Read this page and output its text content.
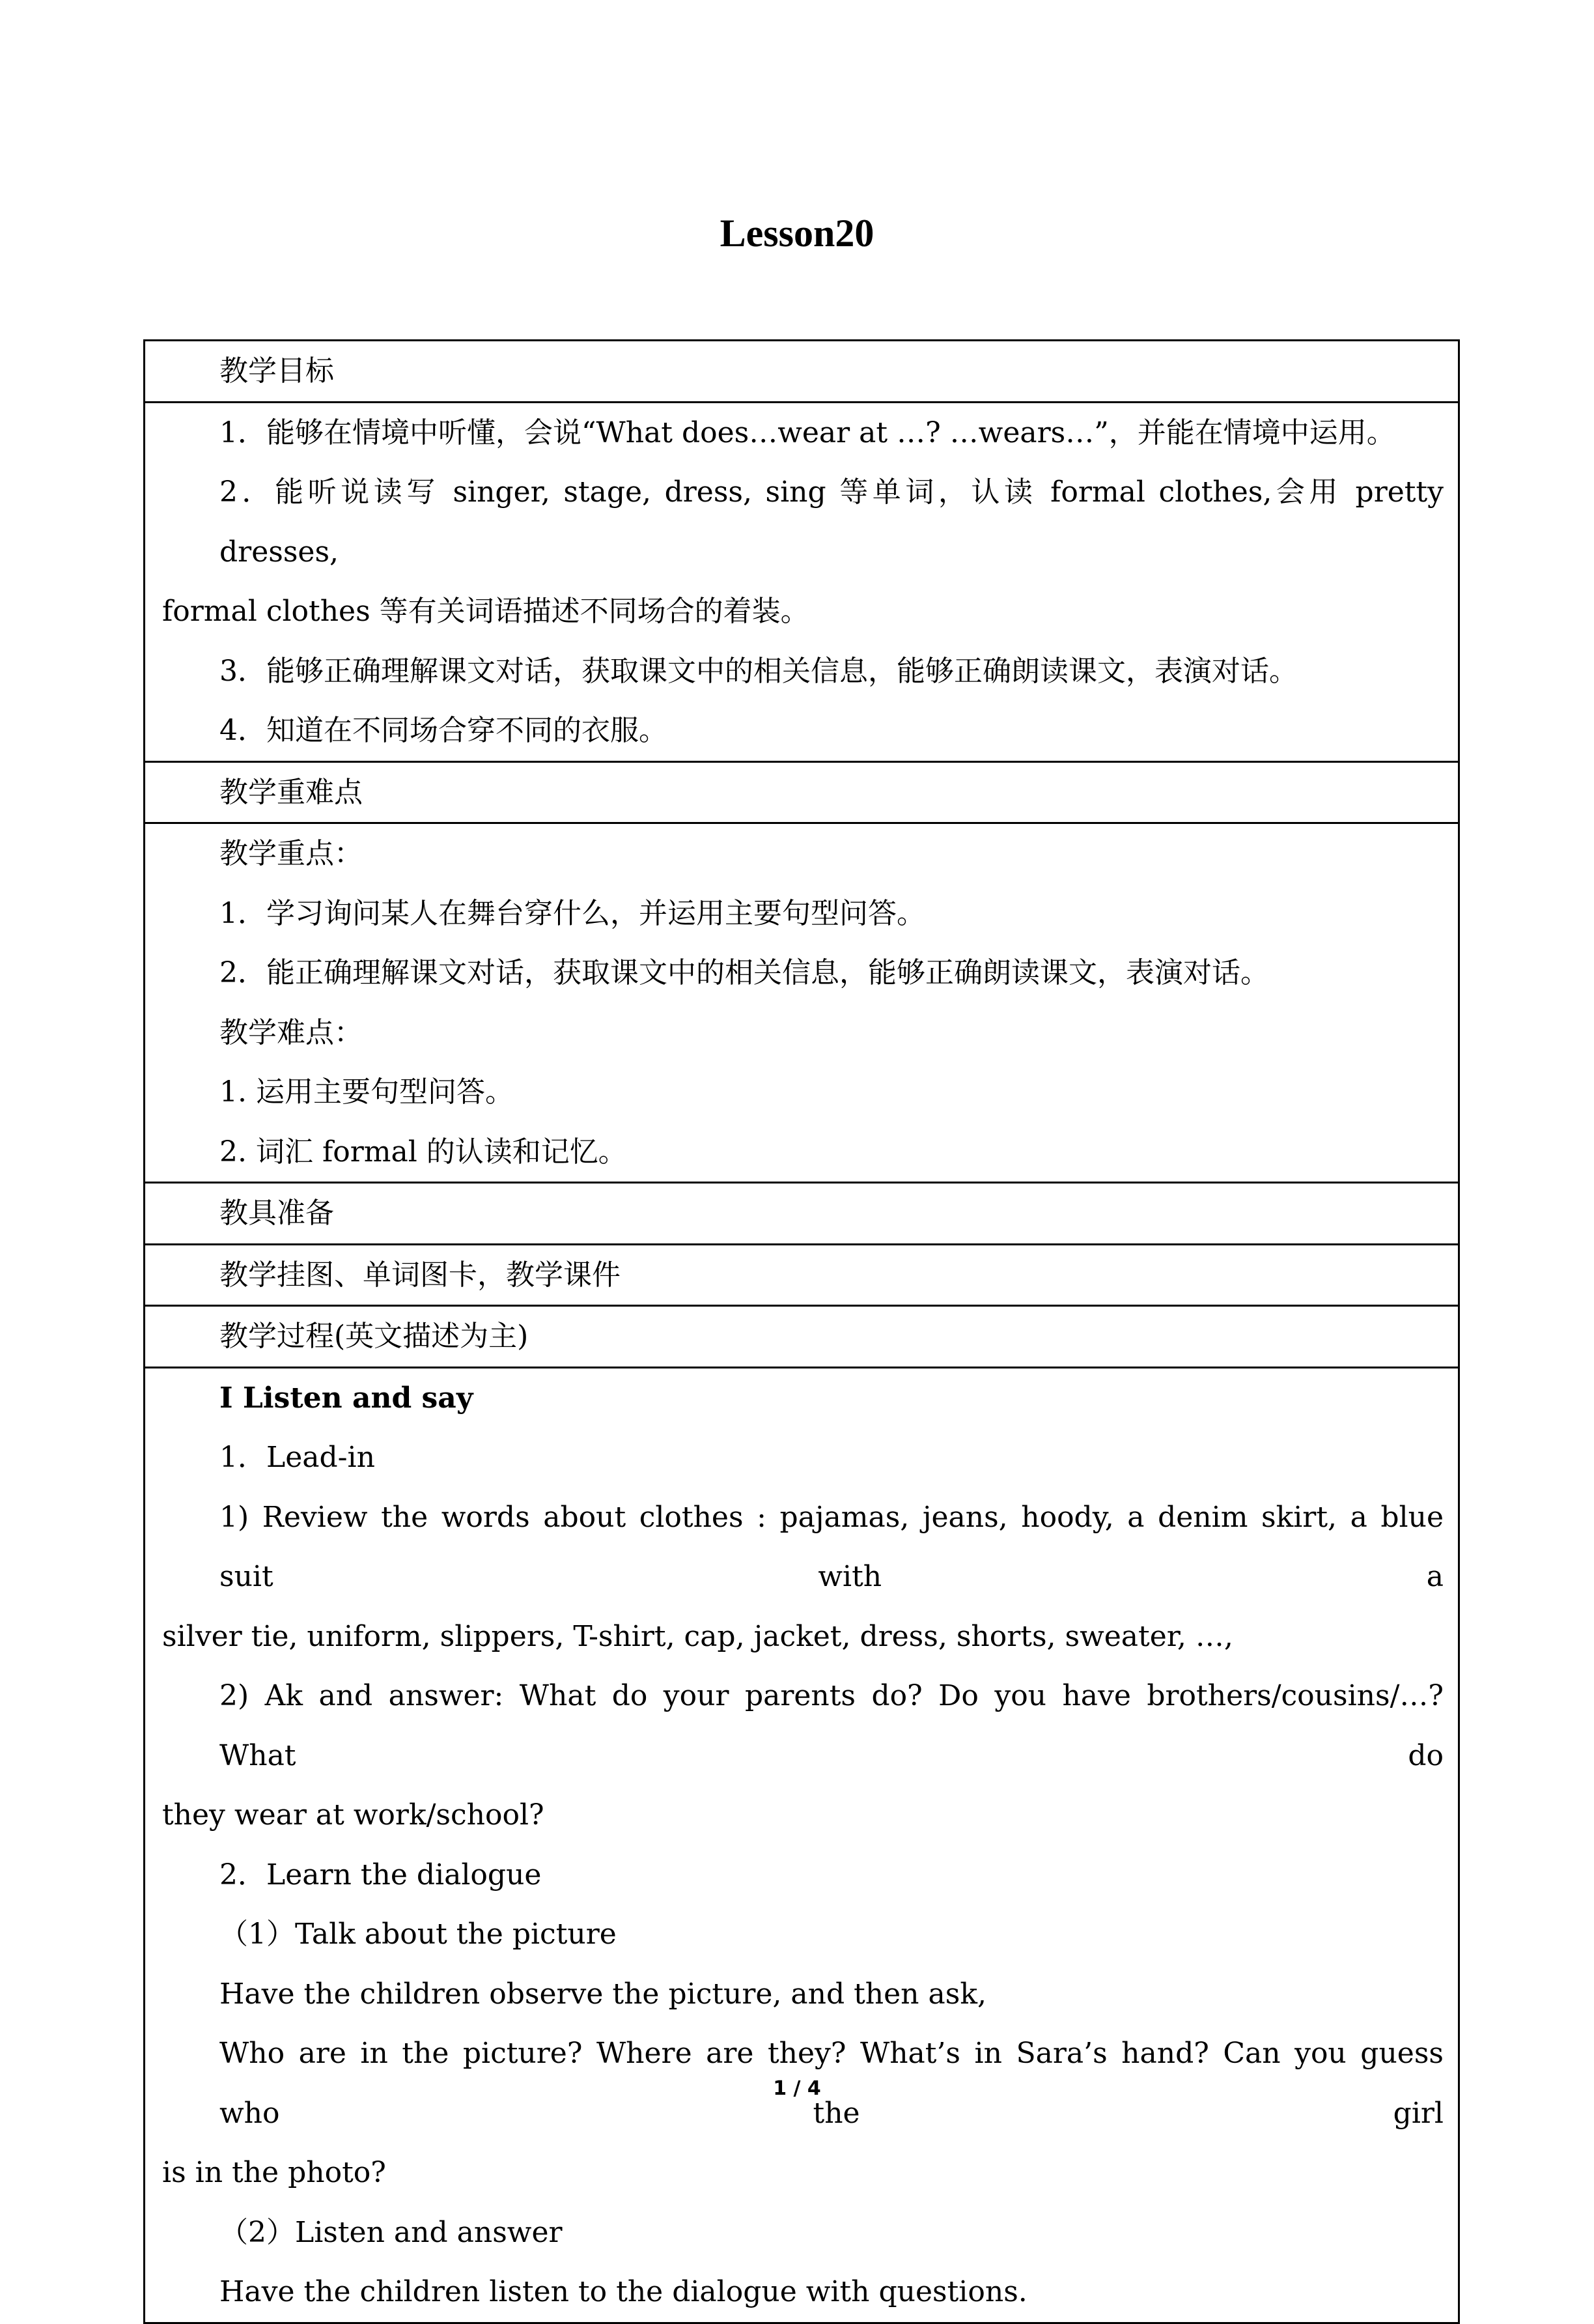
Lesson20
教学目标

1．能够在情境中听懂，会说“What does…wear at …? …wears…”，并能在情境中运用。
2．能听说读写 singer, stage, dress, sing 等单词，认读 formal clothes,会用 pretty dresses,
formal clothes 等有关词语描述不同场合的着装。
3．能够正确理解课文对话，获取课文中的相关信息，能够正确朗读课文，表演对话。
4．知道在不同场合穿不同的衣服。

教学重难点

教学重点：
1．学习询问某人在舞台穿什么，并运用主要句型问答。
2．能正确理解课文对话，获取课文中的相关信息，能够正确朗读课文，表演对话。
教学难点：
1. 运用主要句型问答。
2. 词汇 formal 的认读和记忆。

教具准备

教学挂图、单词图卡，教学课件

教学过程(英文描述为主)

I Listen and say
1．Lead-in
1) Review the words about clothes : pajamas, jeans, hoody, a denim skirt, a blue suit with a
silver tie, uniform, slippers, T-shirt, cap, jacket, dress, shorts, sweater, …,
2) Ak and answer: What do your parents do? Do you have brothers/cousins/…? What do
they wear at work/school?
2．Learn the dialogue
（1）Talk about the picture
Have the children observe the picture, and then ask,
Who are in the picture? Where are they? What’s in Sara’s hand? Can you guess who the girl
is in the photo?
（2）Listen and answer
Have the children listen to the dialogue with questions.
1 / 4
